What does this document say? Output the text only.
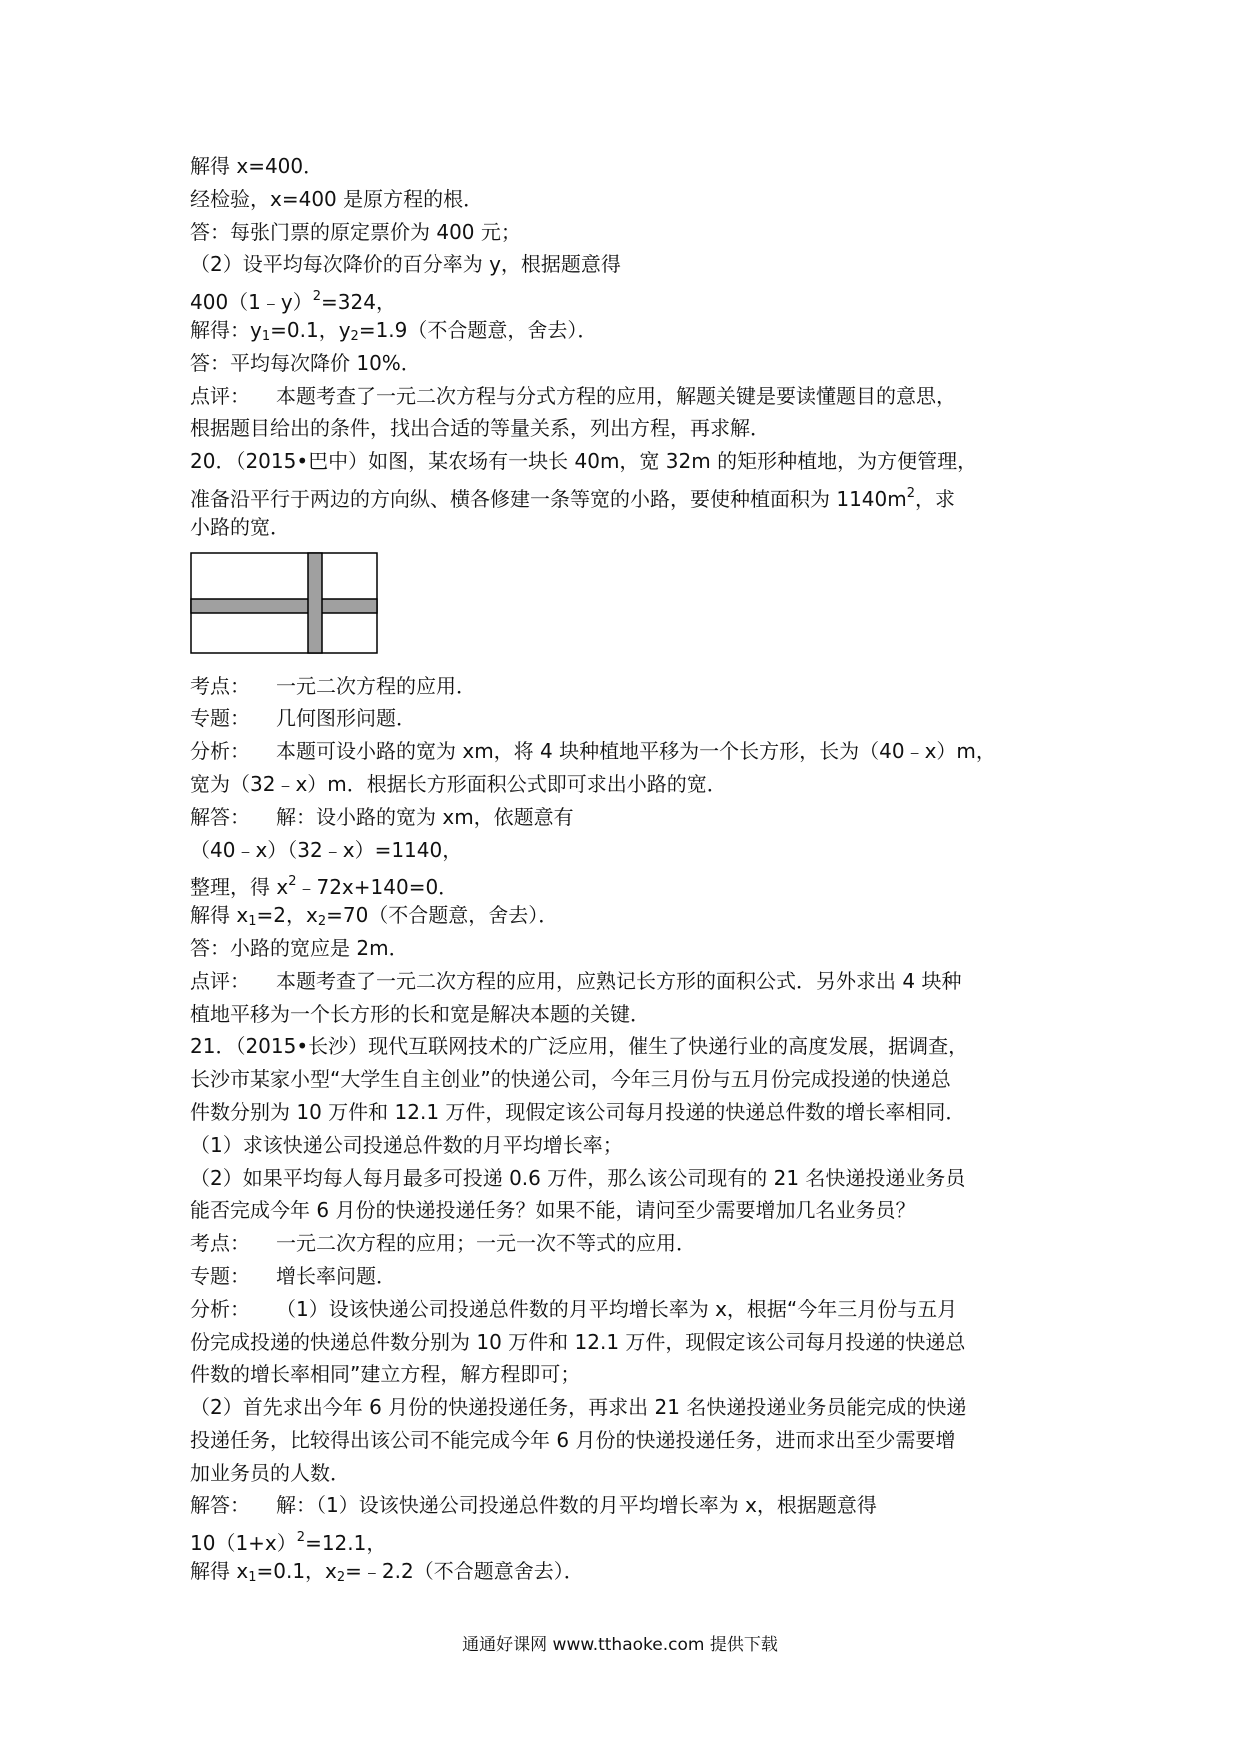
解得 x=400．
经检验，x=400 是原方程的根．
答：每张门票的原定票价为 400 元；
（2）设平均每次降价的百分率为 y，根据题意得
400（1﹣y）$^2$=324，
解得：$y_1=0.1$，$y_2=1.9$（不合题意，舍去）．
答：平均每次降价 10%．
点评： 本题考查了一元二次方程与分式方程的应用，解题关键是要读懂题目的意思，
根据题目给出的条件，找出合适的等量关系，列出方程，再求解．
20．（2015•巴中）如图，某农场有一块长 40m，宽 32m 的矩形种植地，为方便管理，
准备沿平行于两边的方向纵、横各修建一条等宽的小路，要使种植面积为 $1140m^2$，求
小路的宽．
考点： 一元二次方程的应用．
专题： 几何图形问题．
分析： 本题可设小路的宽为 xm，将 4 块种植地平移为一个长方形，长为（40﹣x）m，
宽为（32﹣x）m．根据长方形面积公式即可求出小路的宽．
解答： 解：设小路的宽为 xm，依题意有
（40﹣x）（32﹣x）=1140，
整理，得 $x^2﹣72x+140=0$．
解得 $x_1=2$，$x_2=70$（不合题意，舍去）．
答：小路的宽应是 2m．
点评： 本题考查了一元二次方程的应用，应熟记长方形的面积公式．另外求出 4 块种
植地平移为一个长方形的长和宽是解决本题的关键．
21．（2015•长沙）现代互联网技术的广泛应用，催生了快递行业的高度发展，据调查，
长沙市某家小型“大学生自主创业”的快递公司，今年三月份与五月份完成投递的快递总
件数分别为 10 万件和 12.1 万件，现假定该公司每月投递的快递总件数的增长率相同．
（1）求该快递公司投递总件数的月平均增长率；
（2）如果平均每人每月最多可投递 0.6 万件，那么该公司现有的 21 名快递投递业务员
能否完成今年 6 月份的快递投递任务？如果不能，请问至少需要增加几名业务员？
考点： 一元二次方程的应用；一元一次不等式的应用．
专题： 增长率问题．
分析： （1）设该快递公司投递总件数的月平均增长率为 x，根据“今年三月份与五月
份完成投递的快递总件数分别为 10 万件和 12.1 万件，现假定该公司每月投递的快递总
件数的增长率相同”建立方程，解方程即可；
（2）首先求出今年 6 月份的快递投递任务，再求出 21 名快递投递业务员能完成的快递
投递任务，比较得出该公司不能完成今年 6 月份的快递投递任务，进而求出至少需要增
加业务员的人数．
解答： 解：（1）设该快递公司投递总件数的月平均增长率为 x，根据题意得
$10(1+x)^2=12.1$，
解得 $x_1=0.1$，$x_2=﹣2.2$（不合题意舍去）．
通通好课网 www.tthaoke.com 提供下载
